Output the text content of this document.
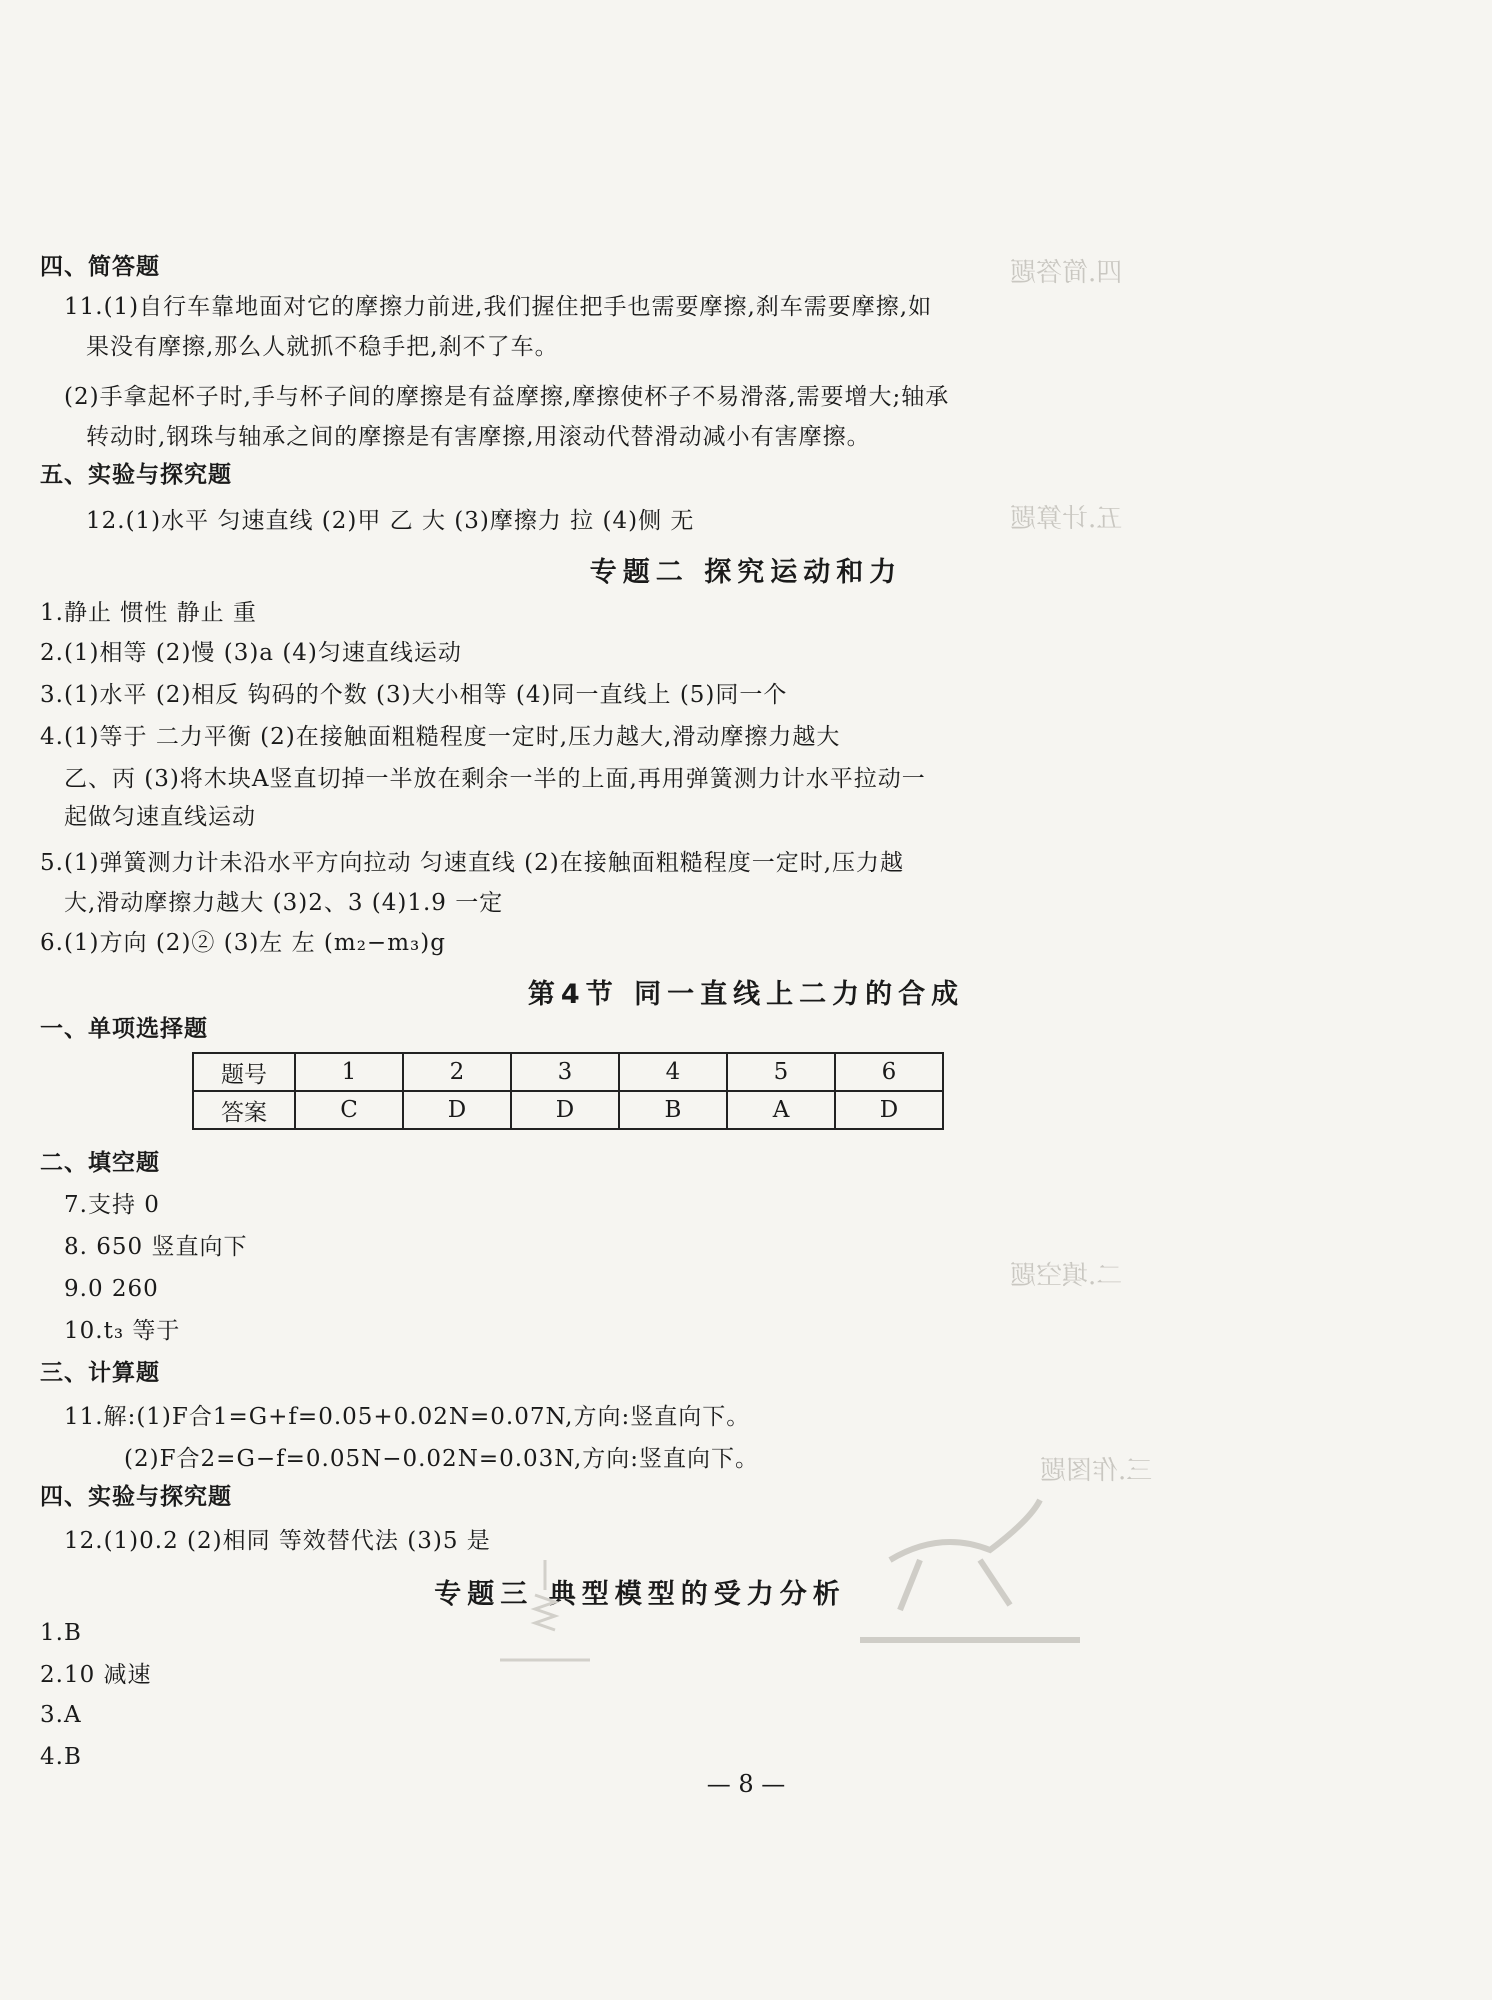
四.简答题
五.计算题
二.填空题
三.作图题
四、简答题
11.(1)自行车靠地面对它的摩擦力前进,我们握住把手也需要摩擦,刹车需要摩擦,如
果没有摩擦,那么人就抓不稳手把,刹不了车。
(2)手拿起杯子时,手与杯子间的摩擦是有益摩擦,摩擦使杯子不易滑落,需要增大;轴承
转动时,钢珠与轴承之间的摩擦是有害摩擦,用滚动代替滑动减小有害摩擦。
五、实验与探究题
12.(1)水平 匀速直线 (2)甲 乙 大 (3)摩擦力 拉 (4)侧 无
专题二 探究运动和力
1.静止 惯性 静止 重
2.(1)相等 (2)慢 (3)a (4)匀速直线运动
3.(1)水平 (2)相反 钩码的个数 (3)大小相等 (4)同一直线上 (5)同一个
4.(1)等于 二力平衡 (2)在接触面粗糙程度一定时,压力越大,滑动摩擦力越大
乙、丙 (3)将木块A竖直切掉一半放在剩余一半的上面,再用弹簧测力计水平拉动一
起做匀速直线运动
5.(1)弹簧测力计未沿水平方向拉动 匀速直线 (2)在接触面粗糙程度一定时,压力越
大,滑动摩擦力越大 (3)2、3 (4)1.9 一定
6.(1)方向 (2)② (3)左 左 (m₂−m₃)g
第4节 同一直线上二力的合成
一、单项选择题
题号	1	2	3	4	5	6
答案	C	D	D	B	A	D
二、填空题
7.支持 0
8. 650 竖直向下
9.0 260
10.t₃ 等于
三、计算题
11.解:(1)F合1=G+f=0.05+0.02N=0.07N,方向:竖直向下。
(2)F合2=G−f=0.05N−0.02N=0.03N,方向:竖直向下。
四、实验与探究题
12.(1)0.2 (2)相同 等效替代法 (3)5 是
专题三 典型模型的受力分析
1.B
2.10 减速
3.A
4.B
— 8 —
